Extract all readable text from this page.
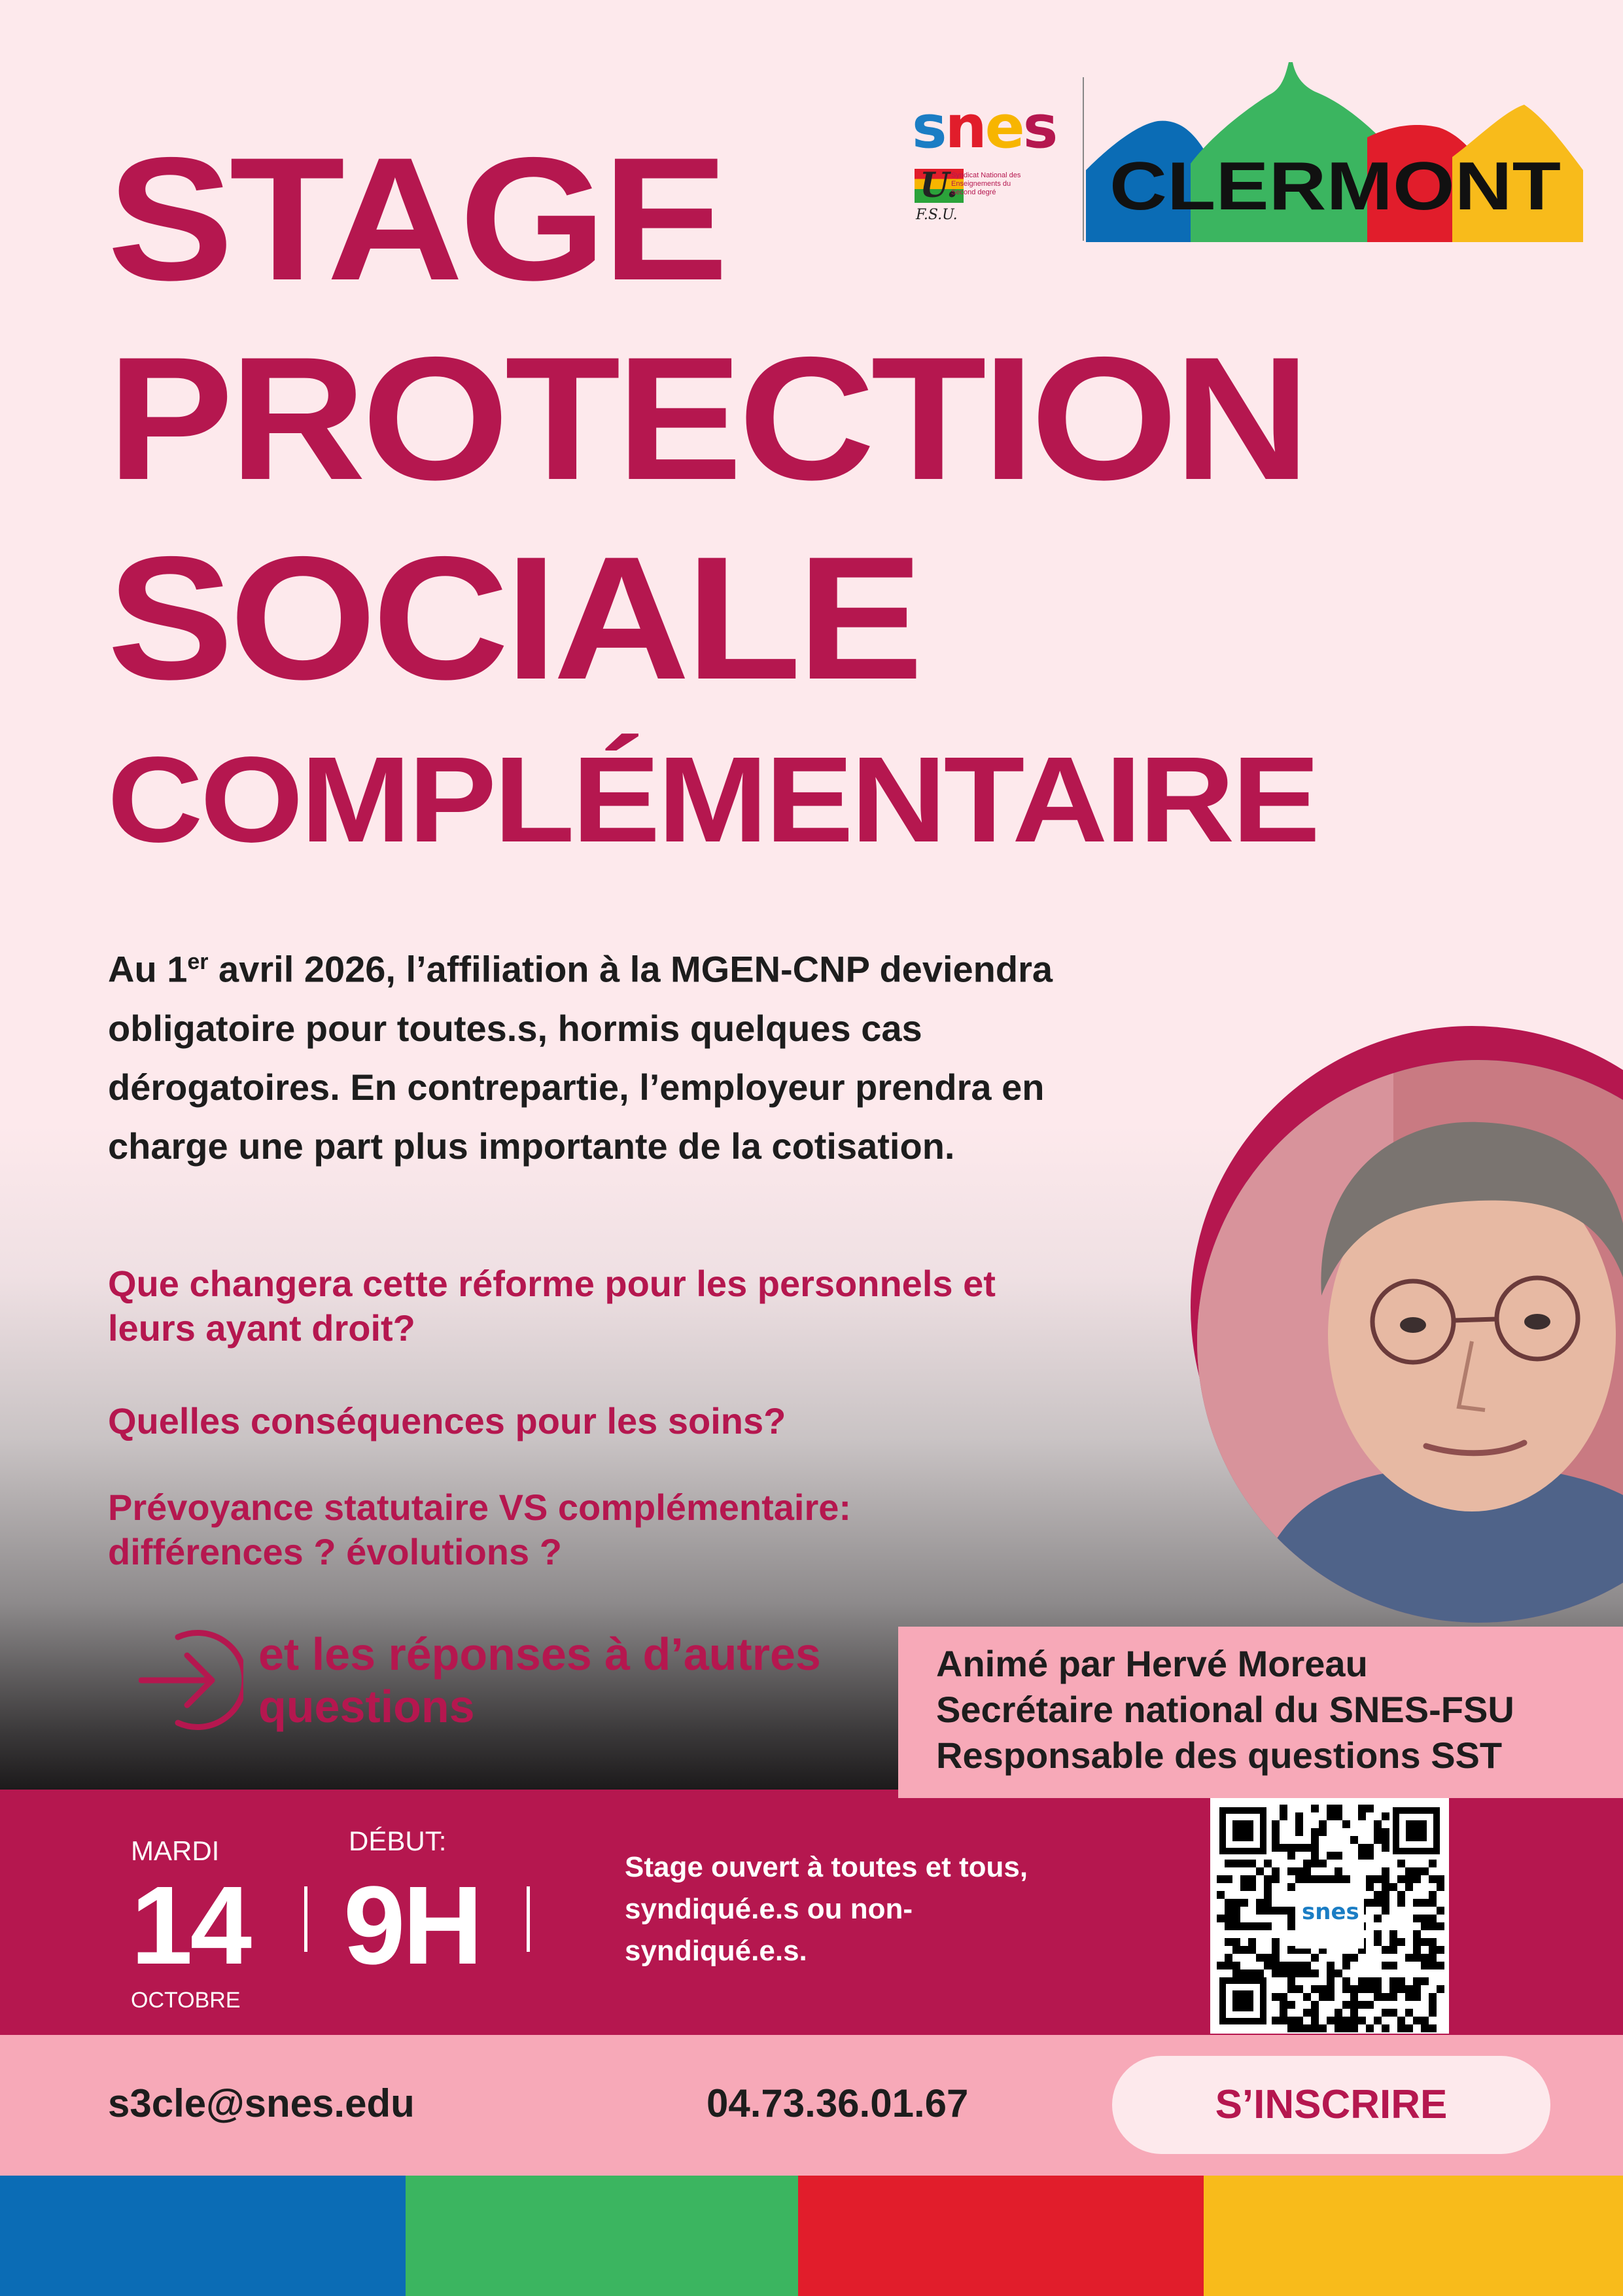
snes
U.
F.S.U.
Syndicat National des Enseignements du Second degré	CLERMONT
STAGE
PROTECTION
SOCIALE
COMPLÉMENTAIRE
Au 1er avril 2026, l’affiliation à la MGEN-CNP deviendra obligatoire pour toutes.s, hormis quelques cas dérogatoires. En contrepartie, l’employeur prendra en charge une part plus importante de la cotisation.
Que changera cette réforme pour les personnels et leurs ayant droit?
Quelles conséquences pour les soins?
Prévoyance statutaire VS complémentaire: différences ? évolutions ?
et les réponses à d’autres questions
Animé par Hervé Moreau
Secrétaire national du SNES-FSU
Responsable des questions SST
MARDI
14
OCTOBRE
DÉBUT:
9H	Stage ouvert à toutes et tous, syndiqué.e.s ou non-syndiqué.e.s.
snes
s3cle@snes.edu	04.73.36.01.67	S’INSCRIRE
